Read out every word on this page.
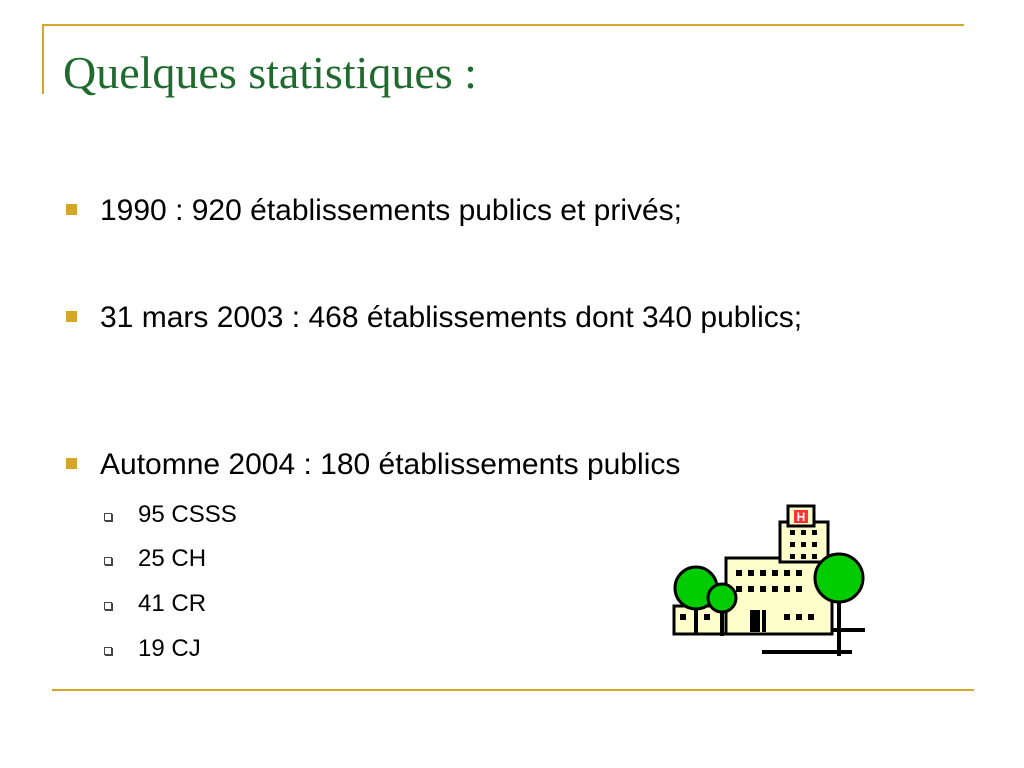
Quelques statistiques :
1990 : 920 établissements publics et privés;
31 mars 2003 : 468 établissements dont 340 publics;
Automne 2004 : 180 établissements publics
95 CSSS
25 CH
41 CR
19 CJ
H
